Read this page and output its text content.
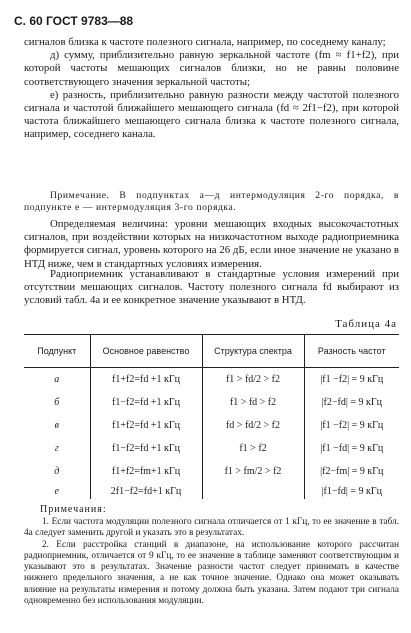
С. 60 ГОСТ 9783—88

сигналов близка к частоте полезного сигнала, например, по соседнему каналу;

д) сумму, приблизительно равную зеркальной частоте (fm ≈ f1+f2), при которой частоты мешающих сигналов близки, но не равны половине соответствующего значения зеркальной частоты;

е) разность, приблизительно равную разности между частотой полезного сигнала и частотой ближайшего мешающего сигнала (fd ≈ 2f1−f2), при которой частота ближайшего мешающего сигнала близка к частоте полезного сигнала, например, соседнего канала.

Примечание. В подпунктах а—д интермодуляция 2-го порядка, в подпункте е — интермодуляция 3-го порядка.

Определяемая величина: уровни мешающих входных высокочастотных сигналов, при воздействии которых на низкочастотном выходе радиоприемника формируется сигнал, уровень которого на 26 дБ, если иное значение не указано в НТД ниже, чем в стандартных условиях измерения.

Радиоприемник устанавливают в стандартные условия измерений при отсутствии мешающих сигналов. Частоту полезного сигнала fd выбирают из условий табл. 4а и ее конкретное значение указывают в НТД.

Таблица 4а
Подпункт	Основное равенство	Структура спектра	Разность частот
а	f1+f2=fd +1 кГц	f1 > fd/2 > f2	|f1 −f2| = 9 кГц
б	f1−f2=fd +1 кГц	f1 > fd > f2	|f2−fd| = 9 кГц
в	f1+f2=fd +1 кГц	fd > fd/2 > f2	|f1 −f2| = 9 кГц
г	f1−f2=fd +1 кГц	f1 > f2	|f1 −fd| = 9 кГц
д	f1+f2=fm+1 кГц	f1 > fm/2 > f2	|f2−fm| = 9 кГц
е	2f1−f2=fd+1 кГц		|f1−fd| = 9 кГц
Примечания:

1. Если частота модуляции полезного сигнала отличается от 1 кГц, то ее значение в табл. 4а следует заменить другой и указать это в результатах.

2. Если расстройка станций в диапазоне, на использование которого рассчитан радиоприемник, отличается от 9 кГц, то ее значение в таблице заменяют соответствующим и указывают это в результатах. Значение разности частот следует принимать в качестве нижнего предельного значения, а не как точное значение. Однако она может оказывать влияние на результаты измерения и потому должна быть указана. Затем подают три сигнала одновременно без использования модуляции.
